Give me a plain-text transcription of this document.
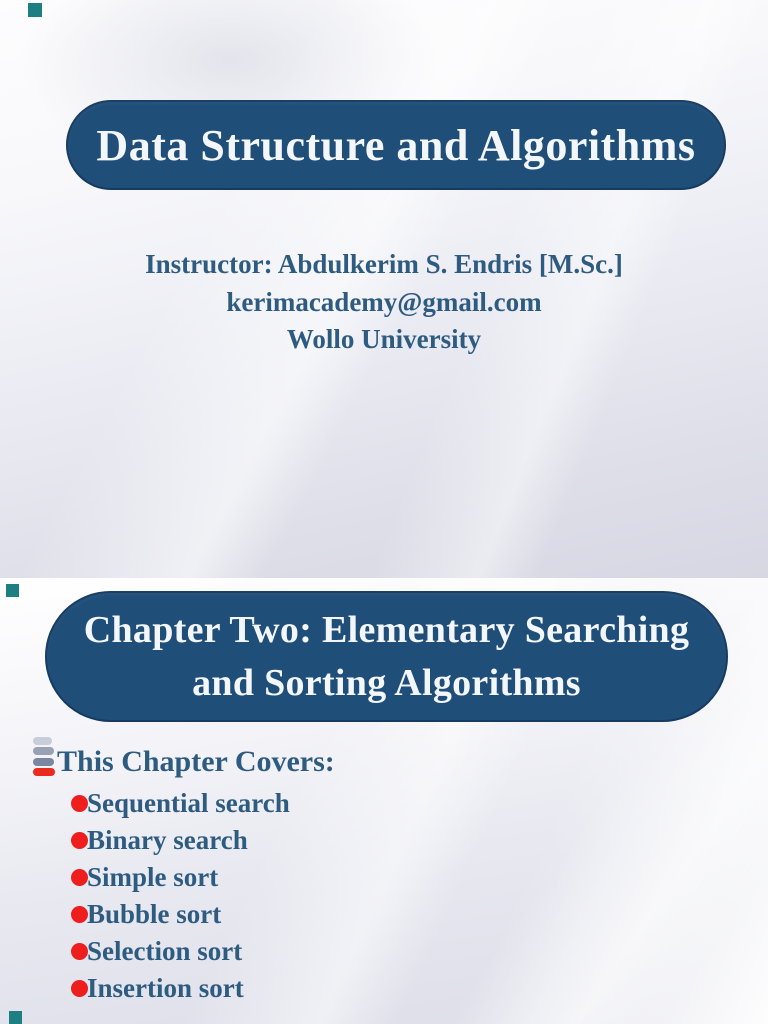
Data Structure and Algorithms
Instructor: Abdulkerim S. Endris [M.Sc.]
kerimacademy@gmail.com
Wollo University
Chapter Two: Elementary Searching
and Sorting Algorithms
This Chapter Covers:
Sequential search
Binary search
Simple sort
Bubble sort
Selection sort
Insertion sort
